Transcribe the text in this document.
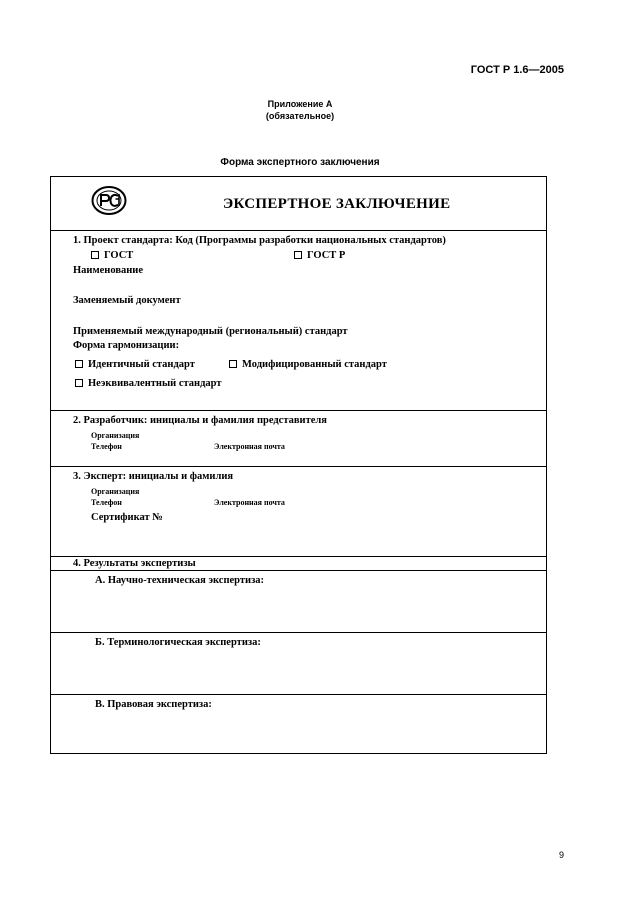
ГОСТ Р 1.6—2005
Приложение А
(обязательное)
Форма экспертного заключения
ЭКСПЕРТНОЕ ЗАКЛЮЧЕНИЕ
1. Проект стандарта: Код (Программы разработки национальных стандартов)
ГОСТ	ГОСТ Р
Наименование
Заменяемый документ
Применяемый международный (региональный) стандарт
Форма гармонизации:
Идентичный стандарт	Модифицированный стандарт
Неэквивалентный стандарт
2. Разработчик: инициалы и фамилия представителя
Организация
Телефон	Электронная почта
3. Эксперт: инициалы и фамилия
Организация
Телефон	Электронная почта
Сертификат №
4. Результаты экспертизы
А. Научно-техническая экспертиза:
Б. Терминологическая экспертиза:
В. Правовая экспертиза:
9
